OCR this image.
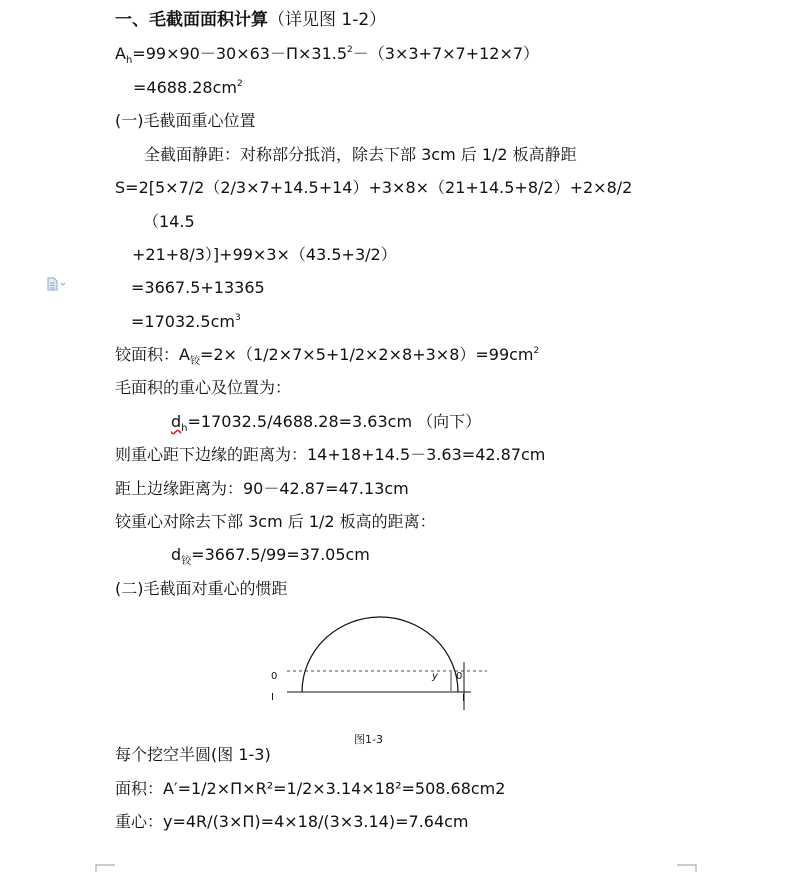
一、毛截面面积计算（详见图 1-2）
$A_h=99\times 90-30\times 63-\Pi\times 31.5^2-(3\times 3+7\times 7+12\times 7)$
$=4688.28cm^2$
(一)毛截面重心位置
全截面静距：对称部分抵消，除去下部 3cm 后 1/2 板高静距
S=2[5×7/2（2/3×7+14.5+14）+3×8×（21+14.5+8/2）+2×8/2
（14.5
+21+8/3）]+99×3×（43.5+3/2）
=3667.5+13365
$=17032.5cm^3$
铰面积：$A_铰=2\times(1/2\times 7\times 5+1/2\times 2\times 8+3\times 8)=99cm^2$
毛面积的重心及位置为：
$d_h=17032.5/4688.28=3.63cm$ （向下）
则重心距下边缘的距离为：14+18+14.5－3.63=42.87cm
距上边缘距离为：90－42.87=47.13cm
铰重心对除去下部 3cm 后 1/2 板高的距离：
$d_铰=3667.5/99=37.05cm$
(二)毛截面对重心的惯距
0
I
y 0
I
图1-3
每个挖空半圆(图 1-3)
面积：A′=1/2×Π×R²=1/2×3.14×18²=508.68cm2
重心：y=4R/(3×Π)=4×18/(3×3.14)=7.64cm
